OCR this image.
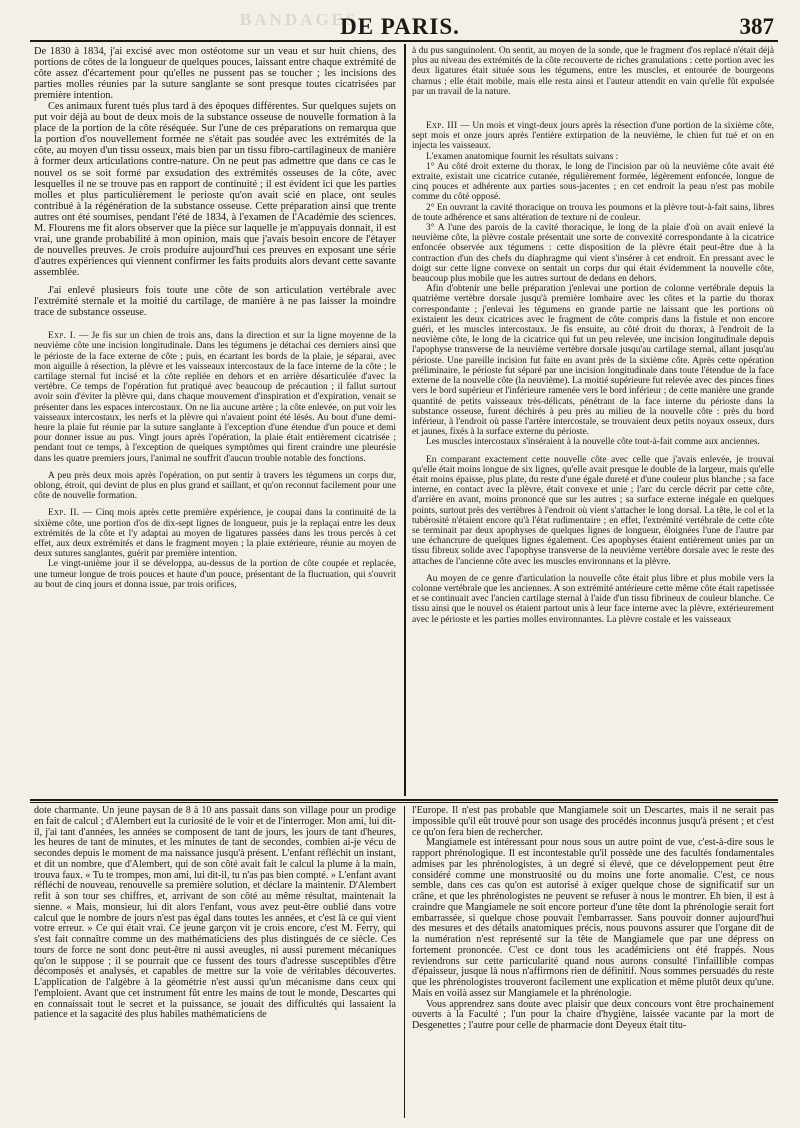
BANDAGES
DE PARIS.	387

De 1830 à 1834, j'ai excisé avec mon ostéotome sur un veau et sur huit chiens, des portions de côtes de la longueur de quelques pouces, laissant entre chaque extrémité de côte assez d'écartement pour qu'elles ne pussent pas se toucher ; les incisions des parties molles réunies par la suture sanglante se sont presque toutes cicatrisées par première intention.

Ces animaux furent tués plus tard à des époques différentes. Sur quelques sujets on put voir déjà au bout de deux mois de la substance osseuse de nouvelle formation à la place de la portion de la côte réséquée. Sur l'une de ces préparations on remarqua que la portion d'os nouvellement formée ne s'était pas soudée avec les extrémités de la côte, au moyen d'un tissu osseux, mais bien par un tissu fibro-cartilagineux de manière à former deux articulations contre-nature. On ne peut pas admettre que dans ce cas le nouvel os se soit formé par exsudation des extrémités osseuses de la côte, avec lesquelles il ne se trouve pas en rapport de continuité ; il est évident ici que les parties molles et plus particulièrement le perioste qu'on avait scié en place, ont seules contribué à la régénération de la substance osseuse. Cette préparation ainsi que trente autres ont été soumises, pendant l'été de 1834, à l'examen de l'Académie des sciences. M. Flourens me fit alors observer que la pièce sur laquelle je m'appuyais donnait, il est vrai, une grande probabilité à mon opinion, mais que j'avais besoin encore de l'étayer de nouvelles preuves. Je crois produire aujourd'hui ces preuves en exposant une série d'autres expériences qui viennent confirmer les faits produits alors devant cette savante assemblée.

J'ai enlevé plusieurs fois toute une côte de son articulation vertébrale avec l'extrémité sternale et la moitié du cartilage, de manière à ne pas laisser la moindre trace de substance osseuse.

Exp. I. — Je fis sur un chien de trois ans, dans la direction et sur la ligne moyenne de la neuvième côte une incision longitudinale. Dans les tégumens je détachai ces derniers ainsi que le périoste de la face externe de côte ; puis, en écartant les bords de la plaie, je séparai, avec mon aiguille à résection, la plèvre et les vaisseaux intercostaux de la face interne de la côte ; le cartilage sternal fut incisé et la côte repliée en dehors et en arrière désarticulée d'avec la vertèbre. Ce temps de l'opération fut pratiqué avec beaucoup de précaution ; il fallut surtout avoir soin d'éviter la plèvre qui, dans chaque mouvement d'inspiration et d'expiration, venait se présenter dans les espaces intercostaux. On ne lia aucune artère ; la côte enlevée, on put voir les vaisseaux intercostaux, les nerfs et la plèvre qui n'avaient point été lésés. Au bout d'une demi-heure la plaie fut réunie par la suture sanglante à l'exception d'une étendue d'un pouce et demi pour donner issue au pus. Vingt jours après l'opération, la plaie était entièrement cicatrisée ; pendant tout ce temps, à l'exception de quelques symptômes qui firent craindre une pleurésie dans les quatre premiers jours, l'animal ne souffrit d'aucun trouble notable des fonctions.

A peu près deux mois après l'opération, on put sentir à travers les tégumens un corps dur, oblong, étroit, qui devint de plus en plus grand et saillant, et qu'on reconnut facilement pour une côte de nouvelle formation.

Exp. II. — Cinq mois après cette première expérience, je coupai dans la continuité de la sixième côte, une portion d'os de dix-sept lignes de longueur, puis je la replaçai entre les deux extrémités de la côte et l'y adaptai au moyen de ligatures passées dans les trous percés à cet effet, aux deux extrémités et dans le fragment moyen ; la plaie extérieure, réunie au moyen de deux sutures sanglantes, guérit par première intention.

Le vingt-unième jour il se développa, au-dessus de la portion de côte coupée et replacée, une tumeur longue de trois pouces et haute d'un pouce, présentant de la fluctuation, qui s'ouvrit au bout de cinq jours et donna issue, par trois orifices,

à du pus sanguinolent. On sentit, au moyen de la sonde, que le fragment d'os replacé n'était déjà plus au niveau des extrémités de la côte recouverte de riches granulations : cette portion avec les deux ligatures était située sous les tégumens, entre les muscles, et entourée de bourgeons charnus ; elle était mobile, mais elle resta ainsi et l'auteur attendit en vain qu'elle fût expulsée par un travail de la nature.

Exp. III — Un mois et vingt-deux jours après la résection d'une portion de la sixième côte, sept mois et onze jours après l'entière extirpation de la neuvième, le chien fut tué et on en injecta les vaisseaux.

L'examen anatomique fournit les résultats suivans :

1° Au côté droit externe du thorax, le long de l'incision par où la neuvième côte avait été extraite, existait une cicatrice cutanée, régulièrement formée, légèrement enfoncée, longue de cinq pouces et adhérente aux parties sous-jacentes ; en cet endroit la peau n'est pas mobile comme du côté opposé.

2° En ouvrant la cavité thoracique on trouva les poumons et la plèvre tout-à-fait sains, libres de toute adhérence et sans altération de texture ni de couleur.

3° A l'une des parois de la cavité thoracique, le long de la plaie d'où on avait enlevé la neuvième côte, la plèvre costale présentait une sorte de convexité correspondante à la cicatrice enfoncée observée aux tégumens : cette disposition de la plèvre était peut-être due à la contraction d'un des chefs du diaphragme qui vient s'insérer à cet endroit. En pressant avec le doigt sur cette ligne convexe on sentait un corps dur qui était évidemment la nouvelle côte, beaucoup plus mobile que les autres surtout de dedans en dehors.

Afin d'obtenir une belle préparation j'enlevai une portion de colonne vertébrale depuis la quatrième vertèbre dorsale jusqu'à première lombaire avec les côtes et la partie du thorax correspondante ; j'enlevai les tégumens en grande partie ne laissant que les portions où existaient les deux cicatrices avec le fragment de côte compris dans la fistule et non encore guéri, et les muscles intercostaux. Je fis ensuite, au côté droit du thorax, à l'endroit de la neuvième côte, le long de la cicatrice qui fut un peu relevée, une incision longitudinale depuis l'apophyse transverse de la neuvième vertèbre dorsale jusqu'au cartilage sternal, allant jusqu'au périoste. Une pareille incision fut faite en avant près de la sixième côte. Après cette opération préliminaire, le périoste fut séparé par une incision longitudinale dans toute l'étendue de la face externe de la nouvelle côte (la neuvième). La moitié supérieure fut relevée avec des pinces fines vers le bord supérieur et l'inférieure ramenée vers le bord inférieur ; de cette manière une grande quantité de petits vaisseaux très-délicats, pénétrant de la face interne du périoste dans la substance osseuse, furent déchirés à peu près au milieu de la nouvelle côte : près du bord inférieur, à l'endroit où passe l'artère intercostale, se trouvaient deux petits noyaux osseux, durs et jaunes, fixés à la surface externe du périoste.

Les muscles intercostaux s'inséraient à la nouvelle côte tout-à-fait comme aux anciennes.

En comparant exactement cette nouvelle côte avec celle que j'avais enlevée, je trouvai qu'elle était moins longue de six lignes, qu'elle avait presque le double de la largeur, mais qu'elle était moins épaisse, plus plate, du reste d'une égale dureté et d'une couleur plus blanche ; sa face interne, en contact avec la plèvre, était convexe et unie ; l'arc du cercle décrit par cette côte, d'arrière en avant, moins prononcé que sur les autres ; sa surface externe inégale en quelques points, surtout près des vertèbres à l'endroit où vient s'attacher le long dorsal. La tête, le col et la tubérosité n'étaient encore qu'à l'état rudimentaire ; en effet, l'extrémité vertébrale de cette côte se terminait par deux apophyses de quelques lignes de longueur, éloignées l'une de l'autre par une échancrure de quelques lignes également. Ces apophyses étaient entièrement unies par un tissu fibreux solide avec l'apophyse transverse de la neuvième vertèbre dorsale avec le reste des attaches de l'ancienne côte avec les muscles environnans et la plèvre.

Au moyen de ce genre d'articulation la nouvelle côte était plus libre et plus mobile vers la colonne vertébrale que les anciennes. A son extrémité antérieure cette même côte était rapetissée et se continuait avec l'ancien cartilage sternal à l'aide d'un tissu fibrineux de couleur blanche. Ce tissu ainsi que le nouvel os étaient partout unis à leur face interne avec la plèvre, extérieurement avec le périoste et les parties molles environnantes. La plèvre costale et les vaisseaux

dote charmante. Un jeune paysan de 8 à 10 ans passait dans son village pour un prodige en fait de calcul ; d'Alembert eut la curiosité de le voir et de l'interroger. Mon ami, lui dit-il, j'ai tant d'années, les années se composent de tant de jours, les jours de tant d'heures, les heures de tant de minutes, et les minutes de tant de secondes, combien ai-je vécu de secondes depuis le moment de ma naissance jusqu'à présent. L'enfant réfléchit un instant, et dit un nombre, que d'Alembert, qui de son côté avait fait le calcul la plume à la main, trouva faux. « Tu te trompes, mon ami, lui dit-il, tu n'as pas bien compté. » L'enfant avant réfléchi de nouveau, renouvelle sa première solution, et déclare la maintenir. D'Alembert refit à son tour ses chiffres, et, arrivant de son côté au même résultat, maintenait la sienne. « Mais, monsieur, lui dit alors l'enfant, vous avez peut-être oublié dans votre calcul que le nombre de jours n'est pas égal dans toutes les années, et c'est là ce qui vient votre erreur. » Ce qui était vrai. Ce jeune garçon vit je crois encore, c'est M. Ferry, qui s'est fait connaître comme un des mathématiciens des plus distingués de ce siècle. Ces tours de force ne sont donc peut-être ni aussi aveugles, ni aussi purement mécaniques qu'on le suppose ; il se pourrait que ce fussent des tours d'adresse susceptibles d'être décomposés et analysés, et capables de mettre sur la voie de véritables découvertes. L'application de l'algèbre à la géométrie n'est aussi qu'un mécanisme dans ceux qui l'emploient. Avant que cet instrument fût entre les mains de tout le monde, Descartes qui en connaissait tout le secret et la puissance, se jouait des difficultés qui lassaient la patience et la sagacité des plus habiles mathématiciens de

l'Europe. Il n'est pas probable que Mangiamele soit un Descartes, mais il ne serait pas impossible qu'il eût trouvé pour son usage des procédés inconnus jusqu'à présent ; et c'est ce qu'on fera bien de rechercher.

Mangiamele est intéressant pour nous sous un autre point de vue, c'est-à-dire sous le rapport phrénologique. Il est incontestable qu'il possède une des facultés fondamentales admises par les phrénologistes, à un degré si élevé, que ce développement peut être considéré comme une monstruosité ou du moins une forte anomalie. C'est, ce nous semble, dans ces cas qu'on est autorisé à exiger quelque chose de significatif sur un crâne, et que les phrénologistes ne peuvent se refuser à nous le montrer. Eh bien, il est à craindre que Mangiamele ne soit encore porteur d'une tête dont la phrénologie serait fort embarrassée, si quelque chose pouvait l'embarrasser. Sans pouvoir donner aujourd'hui des mesures et des détails anatomiques précis, nous pouvons assurer que l'organe dit de la numération n'est représenté sur la tête de Mangiamele que par une dépress on fortement prononcée. C'est ce dont tous les académiciens ont été frappés. Nous reviendrons sur cette particularité quand nous aurons consulté l'infaillible compas d'épaisseur, jusque là nous n'affirmons rien de définitif. Nous sommes persuadés du reste que les phrénologistes trouveront facilement une explication et même plutôt deux qu'une. Mais en voilà assez sur Mangiamele et la phrénologie.

Vous apprendrez sans doute avec plaisir que deux concours vont être prochainement ouverts à la Faculté ; l'un pour la chaire d'hygiène, laissée vacante par la mort de Desgenettes ; l'autre pour celle de pharmacie dont Deyeux était titu-
